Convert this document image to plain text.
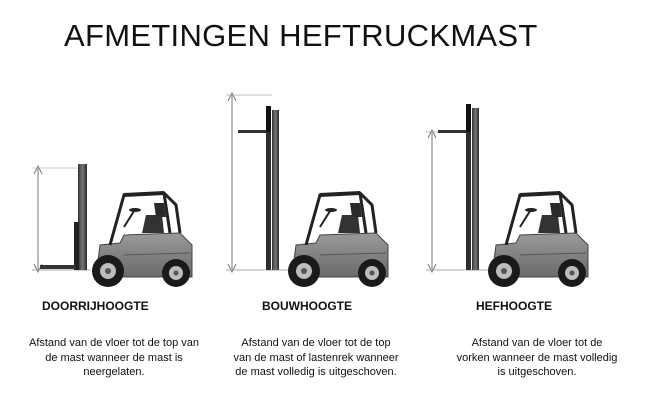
AFMETINGEN HEFTRUCKMAST
DOORRIJHOOGTE
Afstand van de vloer tot de top van de mast wanneer de mast is neergelaten.
BOUWHOOGTE
Afstand van de vloer tot de top van de mast of lastenrek wanneer de mast volledig is uitgeschoven.
HEFHOOGTE
Afstand van de vloer tot de vorken wanneer de mast volledig is uitgeschoven.
